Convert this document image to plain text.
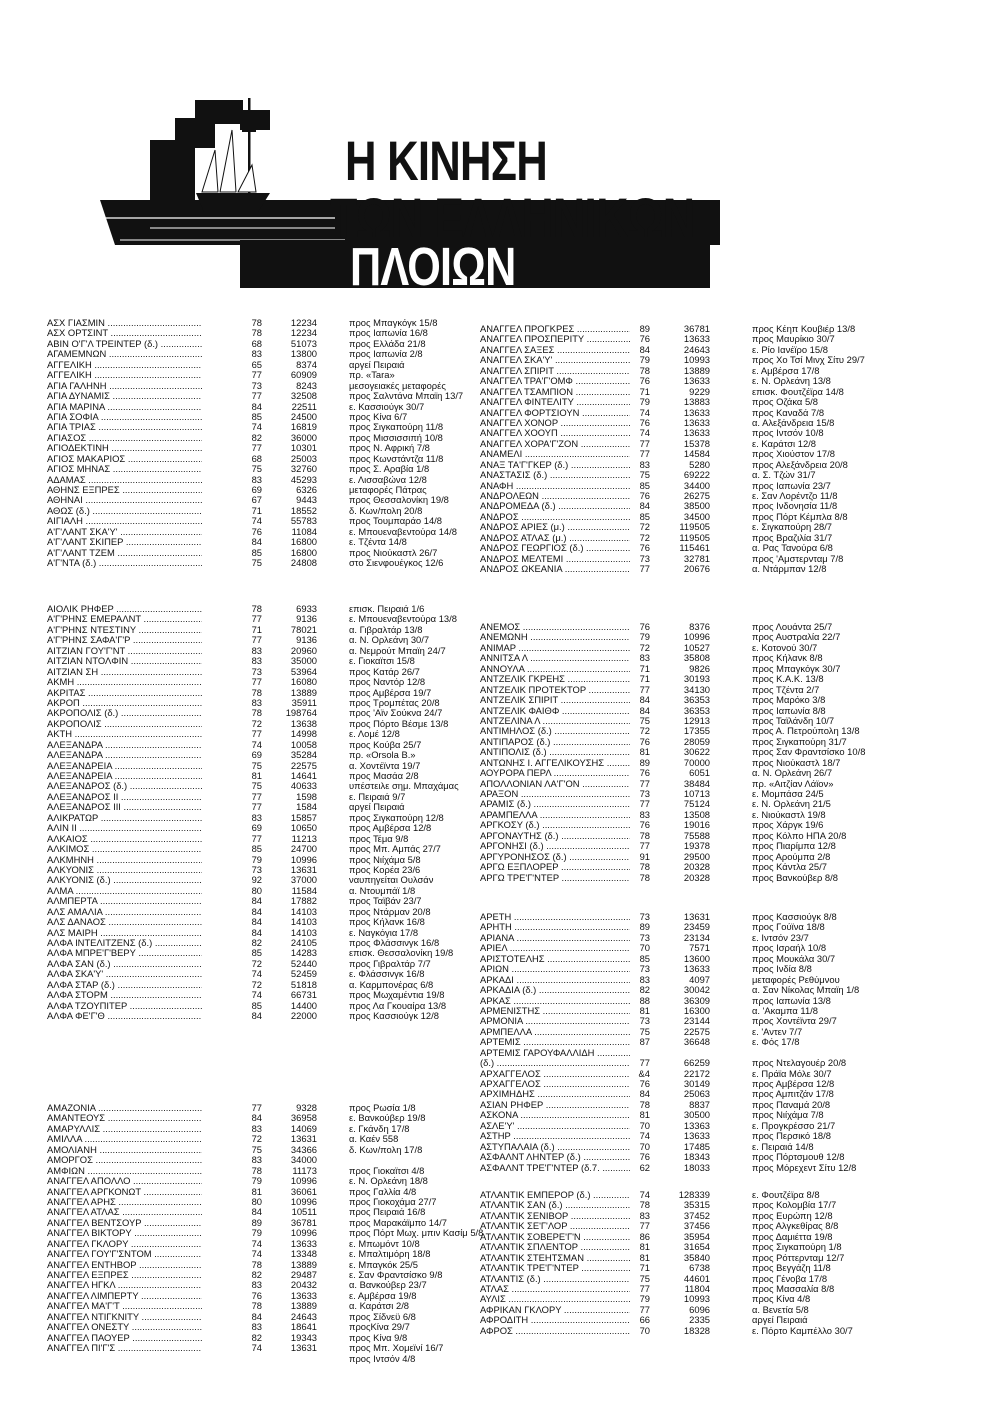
Η ΚΙΝΗΣΗ
ΤΩΝ ΕΛΛΗΝΙΚΩΝ
ΠΛΟΙΩΝ
ΑΣΧ ΓΙΑΣΜΙΝ .....	78	12234	προς Μπαγκόγκ 15/8
ΑΣΧ ΟΡΤΣΙΝΤ .....	78	12234	προς Ιαπωνία 16/8
ΑΒΙΝ Ο'Γ'Λ ΤΡΕΙΝΤΕΡ (δ.) .....	68	51073	προς Ελλάδα 21/8
ΑΓΑΜΕΜΝΩΝ .....	83	13800	προς Ιαπωνία 2/8
ΑΓΓΕΛΙΚΗ .....	65	8374	αργεί Πειραιά
ΑΓΓΕΛΙΚΗ .....	77	60909	πρ. «Tara»
ΑΓΙΑ ΓΑΛΗΝΗ .....	73	8243	μεσογειακές μεταφορές
ΑΓΙΑ ΔΥΝΑΜΙΣ .....	77	32508	προς Σαλντάνα Μπαϊη 13/7
ΑΓΙΑ ΜΑΡΙΝΑ .....	84	22511	ε. Κασσιούγκ 30/7
ΑΓΙΑ ΣΟΦΙΑ .....	85	24500	προς Κίνα 6/7
ΑΓΙΑ ΤΡΙΑΣ .....	74	16819	προς Σιγκαπούρη 11/8
ΑΓΙΑΣΟΣ .....	82	36000	προς Μισσισσιπή 10/8
ΑΓΙΟΔΕΚΤΙΝΗ .....	77	10301	προς Ν. Αφρική 7/8
ΑΓΙΟΣ ΜΑΚΑΡΙΟΣ .....	68	25003	προς Κωνστάντζα 11/8
ΑΓΙΟΣ ΜΗΝΑΣ .....	75	32760	προς Σ. Αραβία 1/8
ΑΔΑΜΑΣ .....	83	45293	ε. Λισσαβώνα 12/8
ΑΘΗΝΣ ΕΞΠΡΕΣ .....	69	6326	μεταφορές Πάτρας
ΑΘΗΝΑΙ .....	67	9443	προς Θεσσαλονίκη 19/8
ΑΘΩΣ (δ.) .....	71	18552	δ. Κων/πολη 20/8
ΑΙΓΙΑΛΗ .....	74	55783	προς Τουμπαράο 14/8
Α'Γ'ΛΑΝΤ ΣΚΑ'Υ' .....	76	11084	ε. Μπουεναβεντούρα 14/8
Α'Γ'ΛΑΝΤ ΣΚΙΠΕΡ .....	84	16800	ε. Τζέντα 14/8
Α'Γ'ΛΑΝΤ ΤΖΕΜ .....	85	16800	προς Νιούκαστλ 26/7
Α'Γ'ΝΤΑ (δ.) .....	75	24808	στο Σιενφουέγκος 12/6
ΑΙΟΛΙΚ ΡΗΦΕΡ .....	78	6933	επισκ. Πειραιά 1/6
Α'Γ'ΡΗΝΣ ΕΜΕΡΑΛΝΤ .....	77	9136	ε. Μπουεναβεντούρα 13/8
Α'Γ'ΡΗΝΣ ΝΤΕΣΤΙΝΥ .....	71	78021	α. Γιβραλτάρ 13/8
Α'Γ'ΡΗΝΣ ΣΑΦΑ'Γ'Ρ .....	77	9136	α. Ν. Ορλεάνη 30/7
ΑΙΤΖΙΑΝ ΓΟΥ'Γ'ΝΤ .....	83	20960	α. Νεμρούτ Μπαϊη 24/7
ΑΙΤΖΙΑΝ ΝΤΟΛΦΙΝ .....	83	35000	ε. Γιοκαϊτσι 15/8
ΑΙΤΖΙΑΝ ΣΗ .....	73	53964	προς Κατάρ 26/7
ΑΚΜΗ .....	77	16080	προς Ναντόρ 12/8
ΑΚΡΙΤΑΣ .....	78	13889	προς Αμβέρσα 19/7
ΑΚΡΟΠ .....	83	35911	προς Τρομπέτας 20/8
ΑΚΡΟΠΟΛΙΣ (δ.) .....	78	198764	προς 'Αϊν Σούκνα 24/7
ΑΚΡΟΠΟΛΙΣ .....	72	13638	προς Πόρτο Βέσμε 13/8
ΑΚΤΗ .....	77	14998	ε. Λομέ 12/8
ΑΛΕΞΑΝΔΡΑ .....	74	10058	προς Κούβα 25/7
ΑΛΕΞΑΝΔΡΑ .....	69	35284	πρ. «Orsola B.»
ΑΛΕΞΑΝΔΡΕΙΑ .....	75	22575	α. Χοντέϊντα 19/7
ΑΛΕΞΑΝΔΡΕΙΑ .....	81	14641	προς Μασάα 2/8
ΑΛΕΞΑΝΔΡΟΣ (δ.) .....	75	40633	υπέστειλε σημ. Μπαχάμας
ΑΛΕΞΑΝΔΡΟΣ ΙΙ .....	77	1598	ε. Πειραιά 9/7
ΑΛΕΞΑΝΔΡΟΣ ΙΙΙ .....	77	1584	αργεί Πειραιά
ΑΛΙΚΡΑΤΩΡ .....	83	15857	προς Σιγκαπούρη 12/8
ΑΛΙΝ ΙΙ .....	69	10650	προς Αμβέρσα 12/8
ΑΛΚΑΙΟΣ .....	77	11213	προς Τέμα 9/8
ΑΛΚΙΜΟΣ .....	85	24700	προς Μπ. Αμπάς 27/7
ΑΛΚΜΗΝΗ .....	79	10996	προς Νιίχάμα 5/8
ΑΛΚΥΟΝΙΣ .....	73	13631	προς Κορέα 23/6
ΑΛΚΥΟΝΙΣ (δ.) .....	92	37000	ναυπηγείται Ουλσάν
ΑΛΜΑ .....	80	11584	α. Ντουμπάϊ 1/8
ΑΛΜΠΕΡΤΑ .....	84	17882	προς Ταϊβάν 23/7
ΑΛΣ ΑΜΑΛΙΑ .....	84	14103	προς Ντάρμαν 20/8
ΑΛΣ ΔΑΝΑΟΣ .....	84	14103	προς Κήλανκ 16/8
ΑΛΣ ΜΑΙΡΗ .....	84	14103	ε. Ναγκόγια 17/8
ΑΛΦΑ ΙΝΤΕΛΙΤΖΕΝΣ (δ.) .....	82	24105	προς Φλάσσινγκ 16/8
ΑΛΦΑ ΜΠΡΕ'Γ'ΒΕΡΥ .....	85	14283	επισκ. Θεσσαλονίκη 19/8
ΑΛΦΑ ΣΑΝ (δ.) .....	72	52440	προς Γιβραλτάρ 7/7
ΑΛΦΑ ΣΚΑ'Υ' .....	74	52459	ε. Φλάσσινγκ 16/8
ΑΛΦΑ ΣΤΑΡ (δ.) .....	72	51818	α. Καρμπονέρας 6/8
ΑΛΦΑ ΣΤΟΡΜ .....	74	66731	προς Μωχαμέντια 19/8
ΑΛΦΑ ΤΖΟΥΠΙΤΕΡ .....	85	14400	προς Λα Γκουαίρα 13/8
ΑΛΦΑ ΦΕ'Γ'Θ .....	84	22000	προς Κασσιούγκ 12/8
ΑΜΑΖΟΝΙΑ .....	77	9328	προς Ρωσία 1/8
ΑΜΑΝΤΕΟΥΣ .....	84	36958	ε. Βανκούβερ 19/8
ΑΜΑΡΥΛΛΙΣ .....	83	14069	ε. Γκάνδη 17/8
ΑΜΙΛΛΑ .....	72	13631	α. Καέν 558
ΑΜΟΛΙΑΝΗ .....	75	34366	δ. Κων/πολη 17/8
ΑΜΟΡΓΟΣ .....	83	34000
ΑΜΦΙΩΝ .....	78	11173	προς Γιοκαϊτσι 4/8
ΑΝΑΓΓΕΛ ΑΠΟΛΛΟ .....	79	10996	ε. Ν. Ορλεάνη 18/8
ΑΝΑΓΓΕΛ ΑΡΓΚΟΝΩΤ .....	81	36061	προς Γαλλία 4/8
ΑΝΑΓΓΕΛ ΑΡΗΣ .....	80	10996	προς Γιοκοχάμα 27/7
ΑΝΑΓΓΕΛ ΑΤΛΑΣ .....	84	10511	προς Πειραιά 16/8
ΑΝΑΓΓΕΛ ΒΕΝΤΣΟΥΡ .....	89	36781	προς Μαρακάϊμπο 14/7
ΑΝΑΓΓΕΛ ΒΙΚΤΟΡΥ .....	79	10996	προς Πόρτ Μωχ. μπιν Κασίμ 5/8
ΑΝΑΓΓΕΛ ΓΚΛΟΡΥ .....	74	13633	ε. Μπωμόντ 10/8
ΑΝΑΓΓΕΛ ΓΟΥ'Γ'ΣΝΤΟΜ .....	74	13348	ε. Μπαλτιμόρη 18/8
ΑΝΑΓΓΕΛ ΕΝΤΗΒΟΡ .....	78	13889	ε. Μπαγκόκ 25/5
ΑΝΑΓΓΕΛ ΕΞΠΡΕΣ .....	82	29487	ε. Σαν Φραντσίσκο 9/8
ΑΝΑΓΓΕΛ ΗΓΚΛ .....	83	20432	α. Βανκούβερ 23/7
ΑΝΑΓΓΕΛ ΛΙΜΠΕΡΤΥ .....	76	13633	ε. Αμβέρσα 19/8
ΑΝΑΓΓΕΛ ΜΑ'Γ'Τ .....	78	13889	α. Καράτσι 2/8
ΑΝΑΓΓΕΛ ΝΤΙΓΚΝΙΤΥ .....	84	24643	προς Σίδνεϋ 6/8
ΑΝΑΓΓΕΛ ΟΝΕΣΤΥ .....	83	18641	προςΚίνα 29/7
ΑΝΑΓΓΕΛ ΠΑΟΥΕΡ .....	82	19343	προς Κίνα 9/8
ΑΝΑΓΓΕΛ ΠΙ'Γ'Σ .....	74	13631	προς Μπ. Χομεϊνί 16/7
προς Ιντσόν 4/8
ΑΝΑΓΓΕΛ ΠΡΟΓΚΡΕΣ .....	89	36781	προς Κέηπ Κουβιέρ 13/8
ΑΝΑΓΓΕΛ ΠΡΟΣΠΕΡΙΤΥ .....	76	13633	προς Μαυρίκιο 30/7
ΑΝΑΓΓΕΛ ΣΑΞΕΣ .....	84	24643	ε. Ρίο Ιανέϊρο 15/8
ΑΝΑΓΓΕΛ ΣΚΑ'Υ' .....	79	10993	προς Χο Τσί Μινχ Σίτυ 29/7
ΑΝΑΓΓΕΛ ΣΠΙΡΙΤ .....	78	13889	ε. Αμβέρσα 17/8
ΑΝΑΓΓΕΛ ΤΡΑ'Γ'ΟΜΦ .....	76	13633	ε. Ν. Ορλεάνη 13/8
ΑΝΑΓΓΕΛ ΤΣΑΜΠΙΟΝ .....	71	9229	επισκ. Φουτζέϊρα 14/8
ΑΝΑΓΓΕΛ ΦΙΝΤΕΛΙΤΥ .....	79	13883	προς Οζάκα 5/8
ΑΝΑΓΓΕΛ ΦΟΡΤΣΙΟΥΝ .....	74	13633	προς Καναδά 7/8
ΑΝΑΓΓΕΛ ΧΟΝΟΡ .....	76	13633	α. Αλεξάνδρεια 15/8
ΑΝΑΓΓΕΛ ΧΟΟΥΠ .....	74	13633	προς Ιντσόν 10/8
ΑΝΑΓΓΕΛ ΧΟΡΑ'Γ'ΖΟΝ .....	77	15378	ε. Καράτσι 12/8
ΑΝΑΜΕΛΙ .....	77	14584	προς Χιούστον 17/8
ΑΝΑΞ ΤΑ'Γ'ΓΚΕΡ (δ.) .....	83	5280	προς Αλεξάνδρεια 20/8
ΑΝΑΣΤΑΣΙΣ (δ.) .....	75	69222	α. Σ. Τζών 31/7
ΑΝΑΦΗ .....	85	34400	προς Ιαπωνία 23/7
ΑΝΔΡΟΛΕΩΝ .....	76	26275	ε. Σαν Λορέντζο 11/8
ΑΝΔΡΟΜΕΔΑ (δ.) .....	84	38500	προς Ινδονησία 11/8
ΑΝΔΡΟΣ .....	85	34500	προς Πόρτ Κέμπλα 8/8
ΑΝΔΡΟΣ ΑΡΙΕΣ (μ.) .....	72	119505	ε. Σιγκαπούρη 28/7
ΑΝΔΡΟΣ ΑΤΛΑΣ (μ.) .....	72	119505	προς Βραζιλία 31/7
ΑΝΔΡΟΣ ΓΕΩΡΓΙΟΣ (δ.) .....	76	115461	α. Ρας Τανούρα 6/8
ΑΝΔΡΟΣ ΜΕΛΤΕΜΙ .....	73	32781	προς 'Αμστερνταμ 7/8
ΑΝΔΡΟΣ ΩΚΕΑΝΙΑ .....	77	20676	α. Ντάρμπαν 12/8
ΑΝΕΜΟΣ .....	76	8376	προς Λουάντα 25/7
ΑΝΕΜΩΝΗ .....	79	10996	προς Αυστραλία 22/7
ΑΝΙΜΑΡ .....	72	10527	ε. Κοτονού 30/7
ΑΝΝΙΤΣΑ Λ .....	83	35808	προς Κήλανκ 8/8
ΑΝΝΟΥΛΑ .....	71	9826	προς Μπαγκόγκ 30/7
ΑΝΤΖΕΛΙΚ ΓΚΡΕΗΣ .....	71	30193	προς Κ.Α.Κ. 13/8
ΑΝΤΖΕΛΙΚ ΠΡΟΤΕΚΤΟΡ .....	77	34130	προς Τζέντα 2/7
ΑΝΤΖΕΛΙΚ ΣΠΙΡΙΤ .....	84	36353	προς Μαρόκο 3/8
ΑΝΤΖΕΛΙΚ ΦΑΙΘΦ .....	84	36353	προς Ιαπωνία 8/8
ΑΝΤΖΕΛΙΝΑ Λ .....	75	12913	προς Ταϊλάνδη 10/7
ΑΝΤΙΜΗΛΟΣ (δ.) .....	72	17355	προς Α. Πετρούπολη 13/8
ΑΝΤΙΠΑΡΟΣ (δ.) .....	76	28059	προς Σιγκαπούρη 31/7
ΑΝΤΙΠΟΛΙΣ (δ.) .....	81	30622	προς Σαν Φραντσίσκο 10/8
ΑΝΤΩΝΗΣ Ι. ΑΓΓΕΛΙΚΟΥΣΗΣ .....	89	70000	προς Νιούκαστλ 18/7
ΑΟΥΡΟΡΑ ΠΕΡΛ .....	76	6051	α. Ν. Ορλεάνη 26/7
ΑΠΟΛΛΟΝΙΑΝ ΛΑ'Γ'ΟΝ .....	77	38484	πρ. «Αιτζίαν Λάϊον»
ΑΡΑΞΟΝ .....	73	10713	ε. Μομπάσα 24/5
ΑΡΑΜΙΣ (δ.) .....	77	75124	ε. Ν. Ορλεάνη 21/5
ΑΡΑΜΠΕΛΛΑ .....	83	13508	ε. Νιούκαστλ 19/8
ΑΡΓΚΟΣΥ (δ.) .....	76	19016	προς Χάργκ 19/6
ΑΡΓΟΝΑΥΤΗΣ (δ.) .....	78	75588	προς Κόλπο ΗΠΑ 20/8
ΑΡΓΟΝΗΣΙ (δ.) .....	77	19378	προς Πιαρίμπα 12/8
ΑΡΓΥΡΟΝΗΣΟΣ (δ.) .....	91	29500	προς Αρούμπα 2/8
ΑΡΓΩ ΕΞΠΛΟΡΕΡ .....	78	20328	προς Κάντλα 25/7
ΑΡΓΩ ΤΡΕ'Γ'ΝΤΕΡ .....	78	20328	προς Βανκούβερ 8/8
ΑΡΕΤΗ .....	73	13631	προς Κασσιούγκ 8/8
ΑΡΗΤΗ .....	89	23459	προς Γούϊνα 18/8
ΑΡΙΑΝΑ .....	73	23134	ε. Ιντσόν 23/7
ΑΡΙΕΛ .....	70	7571	προς Ισραήλ 10/8
ΑΡΙΣΤΟΤΕΛΗΣ .....	85	13600	προς Μουκάλα 30/7
ΑΡΙΩΝ .....	73	13633	προς Ινδία 8/8
ΑΡΚΑΔΙ .....	83	4097	μεταφορές Ρεθύμνου
ΑΡΚΑΔΙΑ (δ.) .....	82	30042	α. Σαν Νίκολας Μπαϊη 1/8
ΑΡΚΑΣ .....	88	36309	προς Ιαπωνία 13/8
ΑΡΜΕΝΙΣΤΗΣ .....	81	16300	α. 'Ακαμπα 11/8
ΑΡΜΟΝΙΑ .....	73	23144	προς Χοντέϊντα 29/7
ΑΡΜΠΕΛΛΑ .....	75	22575	ε. 'Αντεν 7/7
ΑΡΤΕΜΙΣ .....	87	36648	ε. Φός 17/8
ΑΡΤΕΜΙΣ ΓΑΡΟΥΦΑΛΛΙΔΗ .....
(δ.) .....	77	66259	προς Ντελαγουέρ 20/8
ΑΡΧΑΓΓΕΛΟΣ .....	&4	22172	ε. Πράϊα Μόλε 30/7
ΑΡΧΑΓΓΕΛΟΣ .....	76	30149	προς Αμβέρσα 12/8
ΑΡΧΙΜΗΔΗΣ .....	84	25063	προς Αμπιτζάν 17/8
ΑΣΙΑΝ ΡΗΦΕΡ .....	78	8837	προς Παναμά 20/8
ΑΣΚΟΝΑ .....	81	30500	προς Νιίχάμα 7/8
ΑΣΛΕ'Υ' .....	70	13363	ε. Προγκρέσσο 21/7
ΑΣΤΗΡ .....	74	13633	προς Περσικό 18/8
ΑΣΤΥΠΑΛΑΙΑ (δ.) .....	70	17485	ε. Πειραιά 14/8
ΑΣΦΑΛΝΤ ΛΗΝΤΕΡ (δ.) .....	76	18343	προς Πόρτσμουθ 12/8
ΑΣΦΑΛΝΤ ΤΡΕ'Γ'ΝΤΕΡ (δ.7. .....	62	18033	προς Μόρεχεντ Σίτυ 12/8
ΑΤΛΑΝΤΙΚ ΕΜΠΕΡΟΡ (δ.) .....	74	128339	ε. Φουτζέϊρα 8/8
ΑΤΛΑΝΤΙΚ ΣΑΝ (δ.) .....	78	35315	προς Κολομβία 17/7
ΑΤΛΑΝΤΙΚ ΣΕΝΙΒΟΡ .....	83	37452	προς Ευρώπη 12/8
ΑΤΛΑΝΤΙΚ ΣΕ'Γ'ΛΟΡ .....	77	37456	προς Αλγκεθίρας 8/8
ΑΤΛΑΝΤΙΚ ΣΟΒΕΡΕ'Γ'Ν .....	86	35954	προς Δαμιέττα 19/8
ΑΤΛΑΝΤΙΚ ΣΠΛΕΝΤΟΡ .....	81	31654	προς Σιγκαπούρη 1/8
ΑΤΛΑΝΤΙΚ ΣΤΕΗΤΣΜΑΝ .....	81	35840	προς Ρόττερνταμ 12/7
ΑΤΛΑΝΤΙΚ ΤΡΕ'Γ'ΝΤΕΡ .....	71	6738	προς Βεγγάζη 11/8
ΑΤΛΑΝΤΙΣ (δ.) .....	75	44601	προς Γένοβα 17/8
ΑΤΛΑΣ .....	77	11804	προς Μασσαλία 8/8
ΑΥΛΙΣ .....	79	10993	προς Κίνα 4/8
ΑΦΡΙΚΑΝ ΓΚΛΟΡΥ .....	77	6096	α. Βενετία 5/8
ΑΦΡΟΔΙΤΗ .....	66	2335	αργεί Πειραιά
ΑΦΡΟΣ .....	70	18328	ε. Πόρτο Καμπέλλο 30/7
